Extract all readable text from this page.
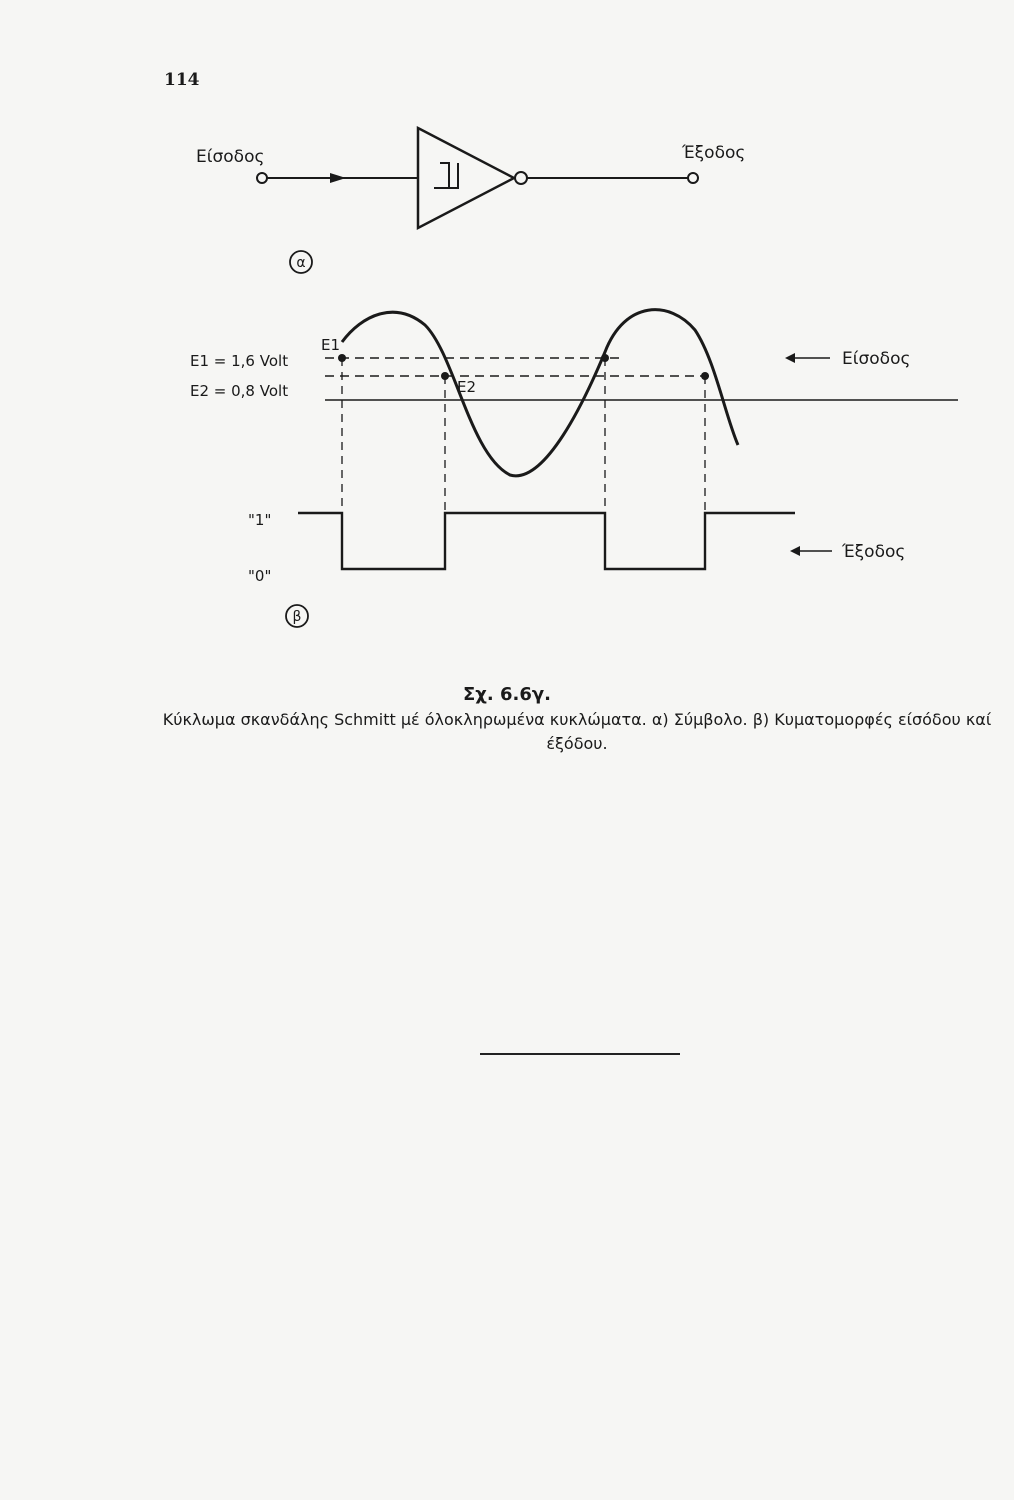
114
Είσοδος	Έξοδος
α
E1 = 1,6 Volt
E2 = 0,8 Volt
E1
E2
Είσοδος
"1"
"0"
Έξοδος
β
Σχ. 6.6γ.
Κύκλωμα σκανδάλης Schmitt μέ όλοκληρωμένα κυκλώματα. α) Σύμβολο. β) Κυματομορφές είσόδου καί έξόδου.
